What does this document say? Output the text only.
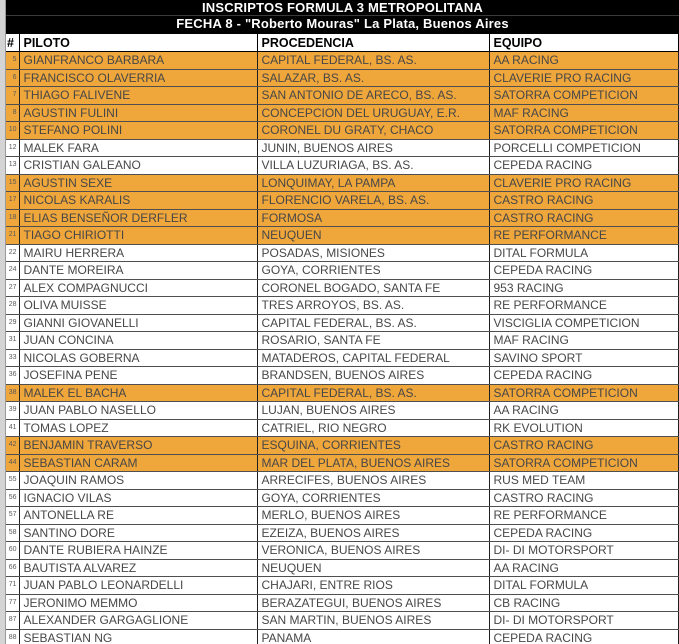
INSCRIPTOS FORMULA 3 METROPOLITANA
FECHA 8 - "Roberto Mouras" La Plata, Buenos Aires
#	PILOTO	PROCEDENCIA	EQUIPO
5	GIANFRANCO BARBARA	CAPITAL FEDERAL, BS. AS.	AA RACING
6	FRANCISCO OLAVERRIA	SALAZAR, BS. AS.	CLAVERIE PRO RACING
7	THIAGO FALIVENE	SAN ANTONIO DE ARECO, BS. AS.	SATORRA COMPETICION
8	AGUSTIN FULINI	CONCEPCION DEL URUGUAY, E.R.	MAF RACING
10	STEFANO POLINI	CORONEL DU GRATY, CHACO	SATORRA COMPETICION
12	MALEK FARA	JUNIN, BUENOS AIRES	PORCELLI COMPETICION
13	CRISTIAN GALEANO	VILLA LUZURIAGA, BS. AS.	CEPEDA RACING
15	AGUSTIN SEXE	LONQUIMAY, LA PAMPA	CLAVERIE PRO RACING
17	NICOLAS KARALIS	FLORENCIO VARELA, BS. AS.	CASTRO RACING
18	ELIAS BENSEÑOR DERFLER	FORMOSA	CASTRO RACING
21	TIAGO CHIRIOTTI	NEUQUEN	RE PERFORMANCE
22	MAIRU HERRERA	POSADAS, MISIONES	DITAL FORMULA
24	DANTE MOREIRA	GOYA, CORRIENTES	CEPEDA RACING
27	ALEX COMPAGNUCCI	CORONEL BOGADO, SANTA FE	953 RACING
28	OLIVA MUISSE	TRES ARROYOS, BS. AS.	RE PERFORMANCE
29	GIANNI GIOVANELLI	CAPITAL FEDERAL, BS. AS.	VISCIGLIA COMPETICION
31	JUAN CONCINA	ROSARIO, SANTA FE	MAF RACING
33	NICOLAS GOBERNA	MATADEROS, CAPITAL FEDERAL	SAVINO SPORT
36	JOSEFINA PENE	BRANDSEN, BUENOS AIRES	CEPEDA RACING
38	MALEK EL BACHA	CAPITAL FEDERAL, BS. AS.	SATORRA COMPETICION
39	JUAN PABLO NASELLO	LUJAN, BUENOS AIRES	AA RACING
41	TOMAS LOPEZ	CATRIEL, RIO NEGRO	RK EVOLUTION
42	BENJAMIN TRAVERSO	ESQUINA, CORRIENTES	CASTRO RACING
44	SEBASTIAN CARAM	MAR DEL PLATA, BUENOS AIRES	SATORRA COMPETICION
55	JOAQUIN RAMOS	ARRECIFES, BUENOS AIRES	RUS MED TEAM
56	IGNACIO VILAS	GOYA, CORRIENTES	CASTRO RACING
57	ANTONELLA RE	MERLO, BUENOS AIRES	RE PERFORMANCE
58	SANTINO DORE	EZEIZA, BUENOS AIRES	CEPEDA RACING
60	DANTE RUBIERA HAINZE	VERONICA, BUENOS AIRES	DI- DI MOTORSPORT
66	BAUTISTA ALVAREZ	NEUQUEN	AA RACING
71	JUAN PABLO LEONARDELLI	CHAJARI, ENTRE RIOS	DITAL FORMULA
77	JERONIMO MEMMO	BERAZATEGUI, BUENOS AIRES	CB RACING
87	ALEXANDER GARGAGLIONE	SAN MARTIN, BUENOS AIRES	DI- DI MOTORSPORT
88	SEBASTIAN NG	PANAMA	CEPEDA RACING
